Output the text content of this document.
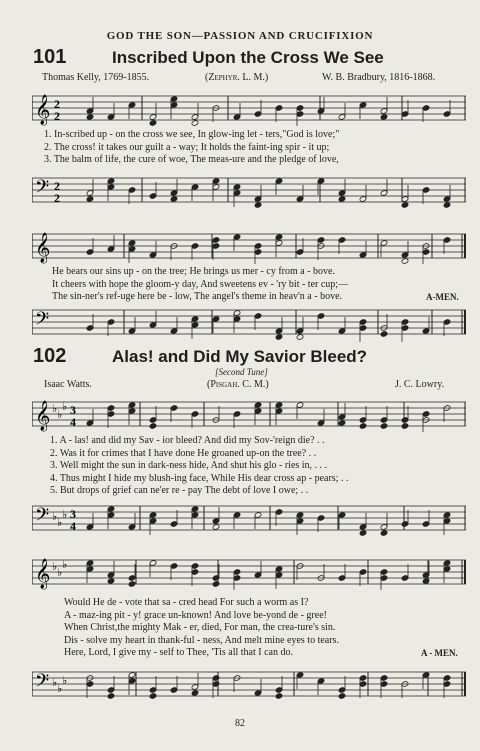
GOD THE SON—PASSION AND CRUCIFIXION
101	Inscribed Upon the Cross We See
Thomas Kelly, 1769-1855.	(Zephyr. L. M.)	W. B. Bradbury, 1816-1868.
𝄞 2
2
1. In-scribed up - on the cross we see, In glow-ing let - ters,"God is love;"
2. The cross! it takes our guilt a - way; It holds the faint-ing spir - it up;
3. The balm of life, the cure of woe, The meas-ure and the pledge of love,
𝄢 2
2
𝄞
He bears our sins up - on the tree; He brings us mer - cy from a - bove.
It cheers with hope the gloom-y day, And sweetens ev - 'ry bit - ter cup;—
The sin-ner's ref-uge here be - low, The angel's theme in heav'n a - bove.	A-MEN.
𝄢
102	Alas! and Did My Savior Bleed?
[Second Tune]
Isaac Watts.	(Pisgah. C. M.)	J. C. Lowry.
𝄞 ♭ ♭
♭ 3
4
1. A - las! and did my Sav - ior bleed? And did my Sov-'reign die? . .
2. Was it for crimes that I have done He groaned up-on the tree? . .
3. Well might the sun in dark-ness hide, And shut his glo - ries in, . . .
4. Thus might I hide my blush-ing face, While His dear cross ap - pears; . .
5. But drops of grief can ne'er re - pay The debt of love I owe; . .
𝄢 ♭ ♭
♭ 3
4
𝄞 ♭ ♭
♭
Would He de - vote that sa - cred head For such a worm as I?
A - maz-ing pit - y! grace un-known! And love be-yond de - gree!
When Christ,the mighty Mak - er, died, For man, the crea-ture's sin.
Dis - solve my heart in thank-ful - ness, And melt mine eyes to tears.
Here, Lord, I give my - self to Thee, 'Tis all that I can do.	A - MEN.
𝄢 ♭ ♭
♭
82
